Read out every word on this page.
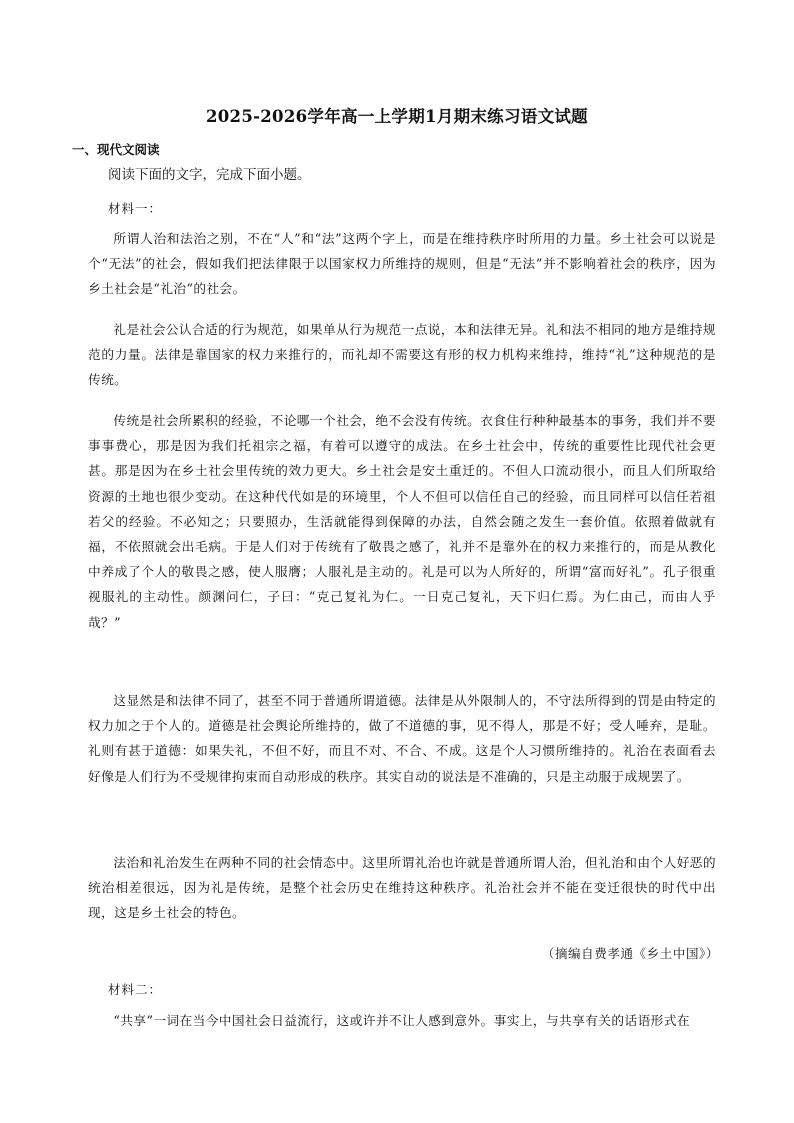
2025-2026学年高一上学期1月期末练习语文试题
一、现代文阅读
阅读下面的文字，完成下面小题。
材料一：

所谓人治和法治之别，不在“人”和“法”这两个字上，而是在维持秩序时所用的力量。乡土社会可以说是个“无法”的社会，假如我们把法律限于以国家权力所维持的规则，但是“无法”并不影响着社会的秩序，因为乡土社会是“礼治”的社会。

礼是社会公认合适的行为规范，如果单从行为规范一点说，本和法律无异。礼和法不相同的地方是维持规范的力量。法律是靠国家的权力来推行的，而礼却不需要这有形的权力机构来维持，维持“礼”这种规范的是传统。

传统是社会所累积的经验，不论哪一个社会，绝不会没有传统。衣食住行种种最基本的事务，我们并不要事事费心，那是因为我们托祖宗之福，有着可以遵守的成法。在乡土社会中，传统的重要性比现代社会更甚。那是因为在乡土社会里传统的效力更大。乡土社会是安土重迁的。不但人口流动很小，而且人们所取给资源的土地也很少变动。在这种代代如是的环境里，个人不但可以信任自己的经验，而且同样可以信任若祖若父的经验。不必知之；只要照办，生活就能得到保障的办法，自然会随之发生一套价值。依照着做就有福，不依照就会出毛病。于是人们对于传统有了敬畏之感了，礼并不是靠外在的权力来推行的，而是从教化中养成了个人的敬畏之感，使人服膺；人服礼是主动的。礼是可以为人所好的，所谓“富而好礼”。孔子很重视服礼的主动性。颜渊问仁，子曰：“克己复礼为仁。一日克己复礼，天下归仁焉。为仁由己，而由人乎哉？”

这显然是和法律不同了，甚至不同于普通所谓道德。法律是从外限制人的，不守法所得到的罚是由特定的权力加之于个人的。道德是社会舆论所维持的，做了不道德的事，见不得人，那是不好；受人唾弃，是耻。礼则有甚于道德：如果失礼，不但不好，而且不对、不合、不成。这是个人习惯所维持的。礼治在表面看去好像是人们行为不受规律拘束而自动形成的秩序。其实自动的说法是不准确的，只是主动服于成规罢了。

法治和礼治发生在两种不同的社会情态中。这里所谓礼治也许就是普通所谓人治，但礼治和由个人好恶的统治相差很远，因为礼是传统，是整个社会历史在维持这种秩序。礼治社会并不能在变迁很快的时代中出现，这是乡土社会的特色。

（摘编自费孝通《乡土中国》）
材料二：

“共享”一词在当今中国社会日益流行，这或许并不让人感到意外。事实上，与共享有关的话语形式在
